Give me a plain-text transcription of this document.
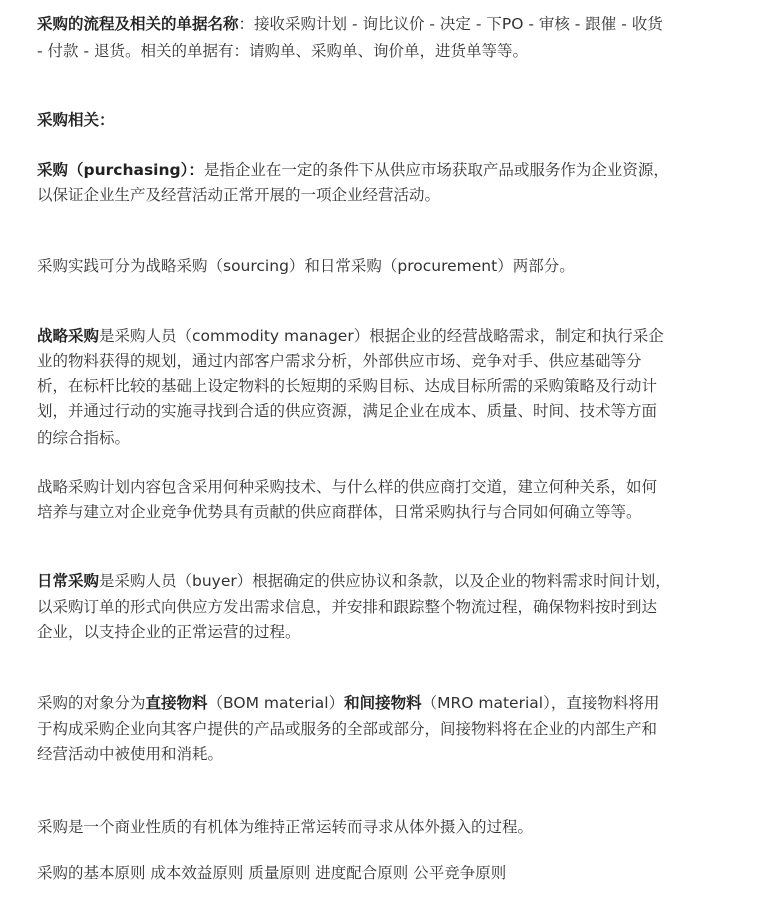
采购的流程及相关的单据名称：接收采购计划 - 询比议价 - 决定 - 下PO - 审核 - 跟催 - 收货
- 付款 - 退货。相关的单据有：请购单、采购单、询价单，进货单等等。
采购相关：
采购（purchasing）：是指企业在一定的条件下从供应市场获取产品或服务作为企业资源，
以保证企业生产及经营活动正常开展的一项企业经营活动。
采购实践可分为战略采购（sourcing）和日常采购（procurement）两部分。
战略采购是采购人员（commodity manager）根据企业的经营战略需求，制定和执行采企
业的物料获得的规划，通过内部客户需求分析，外部供应市场、竞争对手、供应基础等分
析，在标杆比较的基础上设定物料的长短期的采购目标、达成目标所需的采购策略及行动计
划，并通过行动的实施寻找到合适的供应资源，满足企业在成本、质量、时间、技术等方面
的综合指标。
战略采购计划内容包含采用何种采购技术、与什么样的供应商打交道，建立何种关系，如何
培养与建立对企业竞争优势具有贡献的供应商群体，日常采购执行与合同如何确立等等。
日常采购是采购人员（buyer）根据确定的供应协议和条款，以及企业的物料需求时间计划，
以采购订单的形式向供应方发出需求信息，并安排和跟踪整个物流过程，确保物料按时到达
企业，以支持企业的正常运营的过程。
采购的对象分为直接物料（BOM material）和间接物料（MRO material），直接物料将用
于构成采购企业向其客户提供的产品或服务的全部或部分，间接物料将在企业的内部生产和
经营活动中被使用和消耗。
采购是一个商业性质的有机体为维持正常运转而寻求从体外摄入的过程。
采购的基本原则 成本效益原则 质量原则 进度配合原则 公平竞争原则
